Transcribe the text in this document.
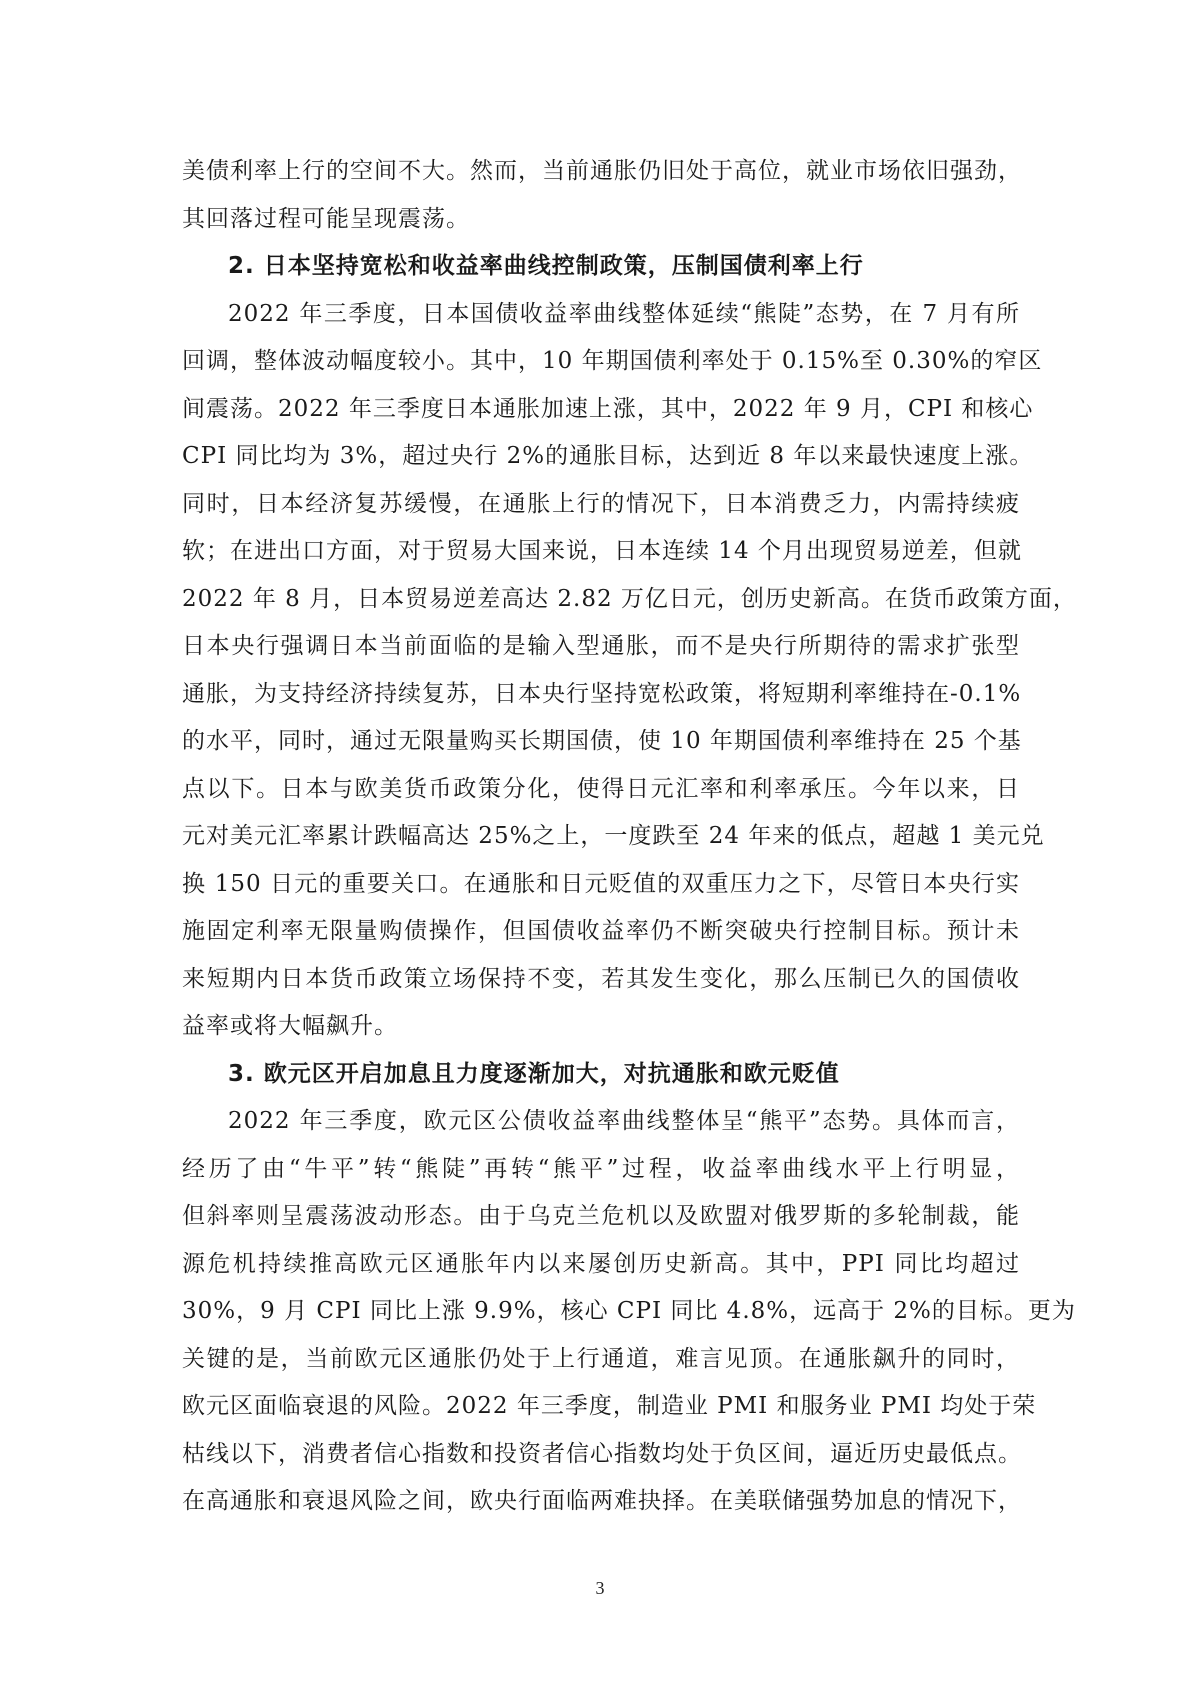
美债利率上行的空间不大。然而，当前通胀仍旧处于高位，就业市场依旧强劲，
其回落过程可能呈现震荡。
2. 日本坚持宽松和收益率曲线控制政策，压制国债利率上行
2022 年三季度，日本国债收益率曲线整体延续“熊陡”态势，在 7 月有所
回调，整体波动幅度较小。其中，10 年期国债利率处于 0.15%至 0.30%的窄区
间震荡。2022 年三季度日本通胀加速上涨，其中，2022 年 9 月，CPI 和核心
CPI 同比均为 3%，超过央行 2%的通胀目标，达到近 8 年以来最快速度上涨。
同时，日本经济复苏缓慢，在通胀上行的情况下，日本消费乏力，内需持续疲
软；在进出口方面，对于贸易大国来说，日本连续 14 个月出现贸易逆差，但就
2022 年 8 月，日本贸易逆差高达 2.82 万亿日元，创历史新高。在货币政策方面，
日本央行强调日本当前面临的是输入型通胀，而不是央行所期待的需求扩张型
通胀，为支持经济持续复苏，日本央行坚持宽松政策，将短期利率维持在-0.1%
的水平，同时，通过无限量购买长期国债，使 10 年期国债利率维持在 25 个基
点以下。日本与欧美货币政策分化，使得日元汇率和利率承压。今年以来，日
元对美元汇率累计跌幅高达 25%之上，一度跌至 24 年来的低点，超越 1 美元兑
换 150 日元的重要关口。在通胀和日元贬值的双重压力之下，尽管日本央行实
施固定利率无限量购债操作，但国债收益率仍不断突破央行控制目标。预计未
来短期内日本货币政策立场保持不变，若其发生变化，那么压制已久的国债收
益率或将大幅飙升。
3. 欧元区开启加息且力度逐渐加大，对抗通胀和欧元贬值
2022 年三季度，欧元区公债收益率曲线整体呈“熊平”态势。具体而言，
经历了由“牛平”转“熊陡”再转“熊平”过程，收益率曲线水平上行明显，
但斜率则呈震荡波动形态。由于乌克兰危机以及欧盟对俄罗斯的多轮制裁，能
源危机持续推高欧元区通胀年内以来屡创历史新高。其中，PPI 同比均超过
30%，9 月 CPI 同比上涨 9.9%，核心 CPI 同比 4.8%，远高于 2%的目标。更为
关键的是，当前欧元区通胀仍处于上行通道，难言见顶。在通胀飙升的同时，
欧元区面临衰退的风险。2022 年三季度，制造业 PMI 和服务业 PMI 均处于荣
枯线以下，消费者信心指数和投资者信心指数均处于负区间，逼近历史最低点。
在高通胀和衰退风险之间，欧央行面临两难抉择。在美联储强势加息的情况下，
3
